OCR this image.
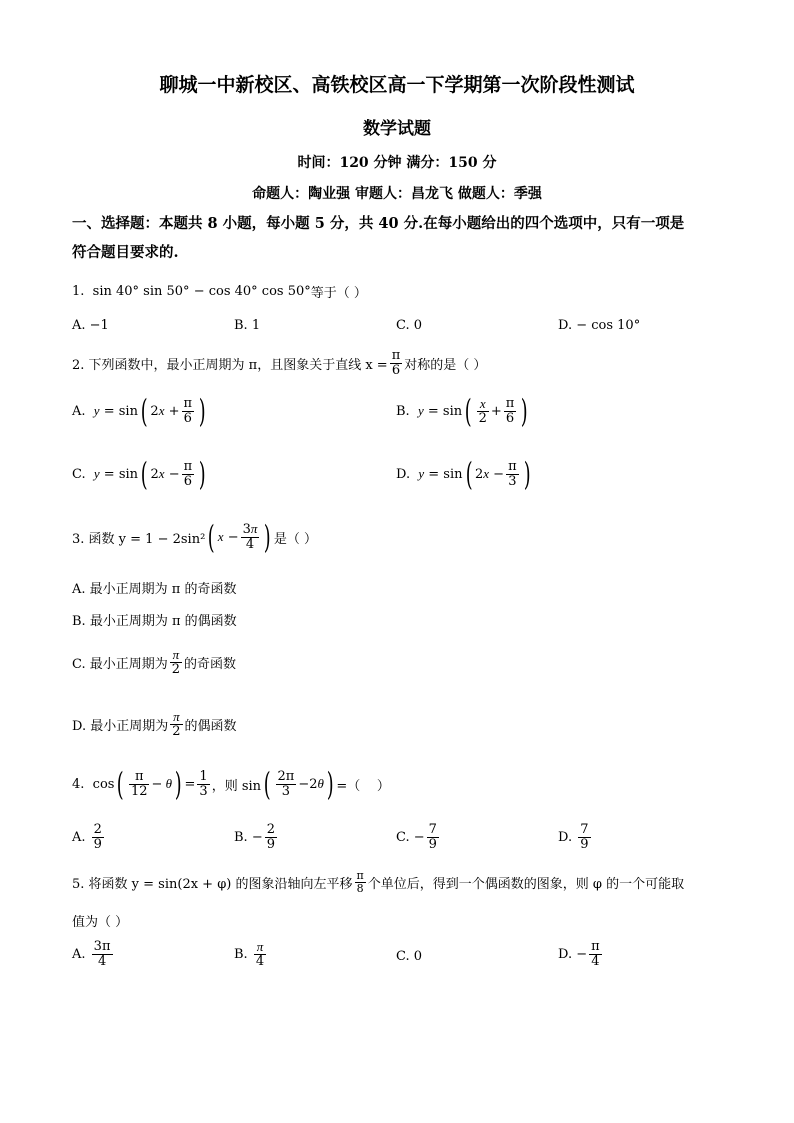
聊城一中新校区、高铁校区高一下学期第一次阶段性测试
数学试题
时间：120 分钟 满分：150 分
命题人：陶业强 审题人：昌龙飞 做题人：季强
一、选择题：本题共 8 小题，每小题 5 分，共 40 分.在每小题给出的四个选项中，只有一项是
符合题目要求的.
1.
sin 40° sin 50° − cos 40° cos 50° 等于（ ）
A. −1	B. 1	C. 0	D. − cos 10°
2. 下列函数中，最小正周期为 π，且图象关于直线 $x = \frac{\pi}{6}$ 对称的是（ ）
A. y = sin ( 2 $x + \frac{\pi}{6}$ )	B. y = sin ( $\frac{x}{2} + \frac{\pi}{6}$ )
C. y = sin ( 2 $x - \frac{\pi}{6}$ )	D. y = sin ( 2 $x - \frac{\pi}{3}$ )
3. 函数 y = 1 − 2sin² ( $x - \frac{3\pi}{4}$ ) 是（ ）
A. 最小正周期为 π 的奇函数
B. 最小正周期为 π 的偶函数
C. 最小正周期为 $\frac{\pi}{2}$ 的奇函数
D. 最小正周期为 $\frac{\pi}{2}$ 的偶函数
4. cos ( $\frac{\pi}{12} - \theta$ ) = $\frac{1}{3}$ ，则 sin ( $\frac{2\pi}{3} -2$ θ ) =（    ）
A.
$\frac{2}{9}$	B. − $\frac{2}{9}$	C. − $\frac{7}{9}$	D.
$\frac{7}{9}$
5. 将函数 y = sin(2x + φ) 的图象沿轴向左平移 $\frac{\pi}{8}$ 个单位后，得到一个偶函数的图象，则 φ 的一个可能取
值为（ ）
A.
$\frac{3\pi}{4}$	B.
$\frac{\pi}{4}$	C. 0	D. − $\frac{\pi}{4}$
